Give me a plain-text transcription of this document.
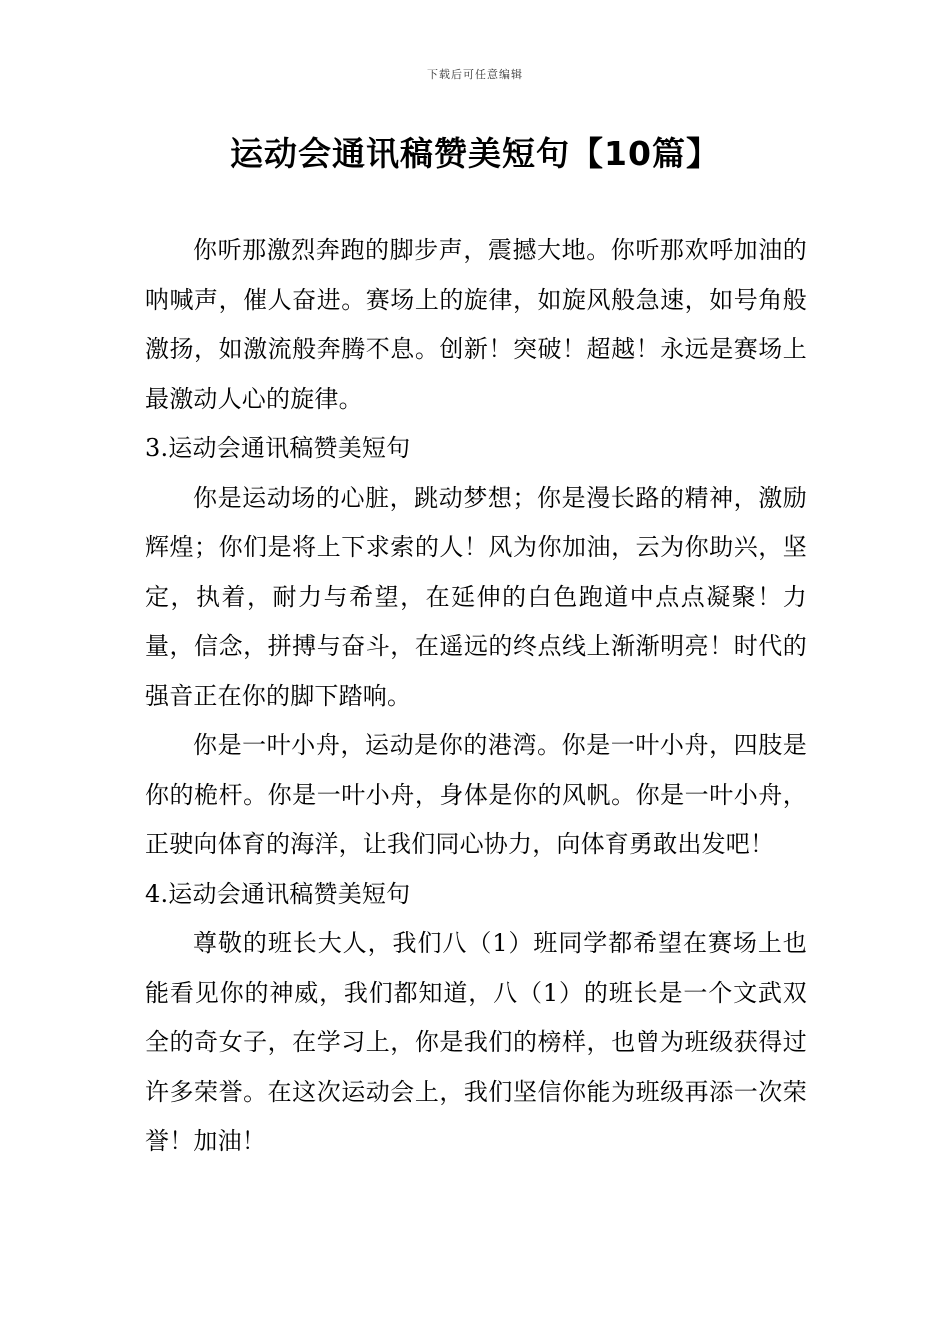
下载后可任意编辑
运动会通讯稿赞美短句【10篇】

你听那激烈奔跑的脚步声，震撼大地。你听那欢呼加油的呐喊声，催人奋进。赛场上的旋律，如旋风般急速，如号角般激扬，如激流般奔腾不息。创新！突破！超越！永远是赛场上最激动人心的旋律。

3.运动会通讯稿赞美短句

你是运动场的心脏，跳动梦想；你是漫长路的精神，激励辉煌；你们是将上下求索的人！风为你加油，云为你助兴，坚定，执着，耐力与希望，在延伸的白色跑道中点点凝聚！力量，信念，拼搏与奋斗，在遥远的终点线上渐渐明亮！时代的强音正在你的脚下踏响。

你是一叶小舟，运动是你的港湾。你是一叶小舟，四肢是你的桅杆。你是一叶小舟，身体是你的风帆。你是一叶小舟，正驶向体育的海洋，让我们同心协力，向体育勇敢出发吧！

4.运动会通讯稿赞美短句

尊敬的班长大人，我们八（1）班同学都希望在赛场上也能看见你的神威，我们都知道，八（1）的班长是一个文武双全的奇女子，在学习上，你是我们的榜样，也曾为班级获得过许多荣誉。在这次运动会上，我们坚信你能为班级再添一次荣誉！加油！
